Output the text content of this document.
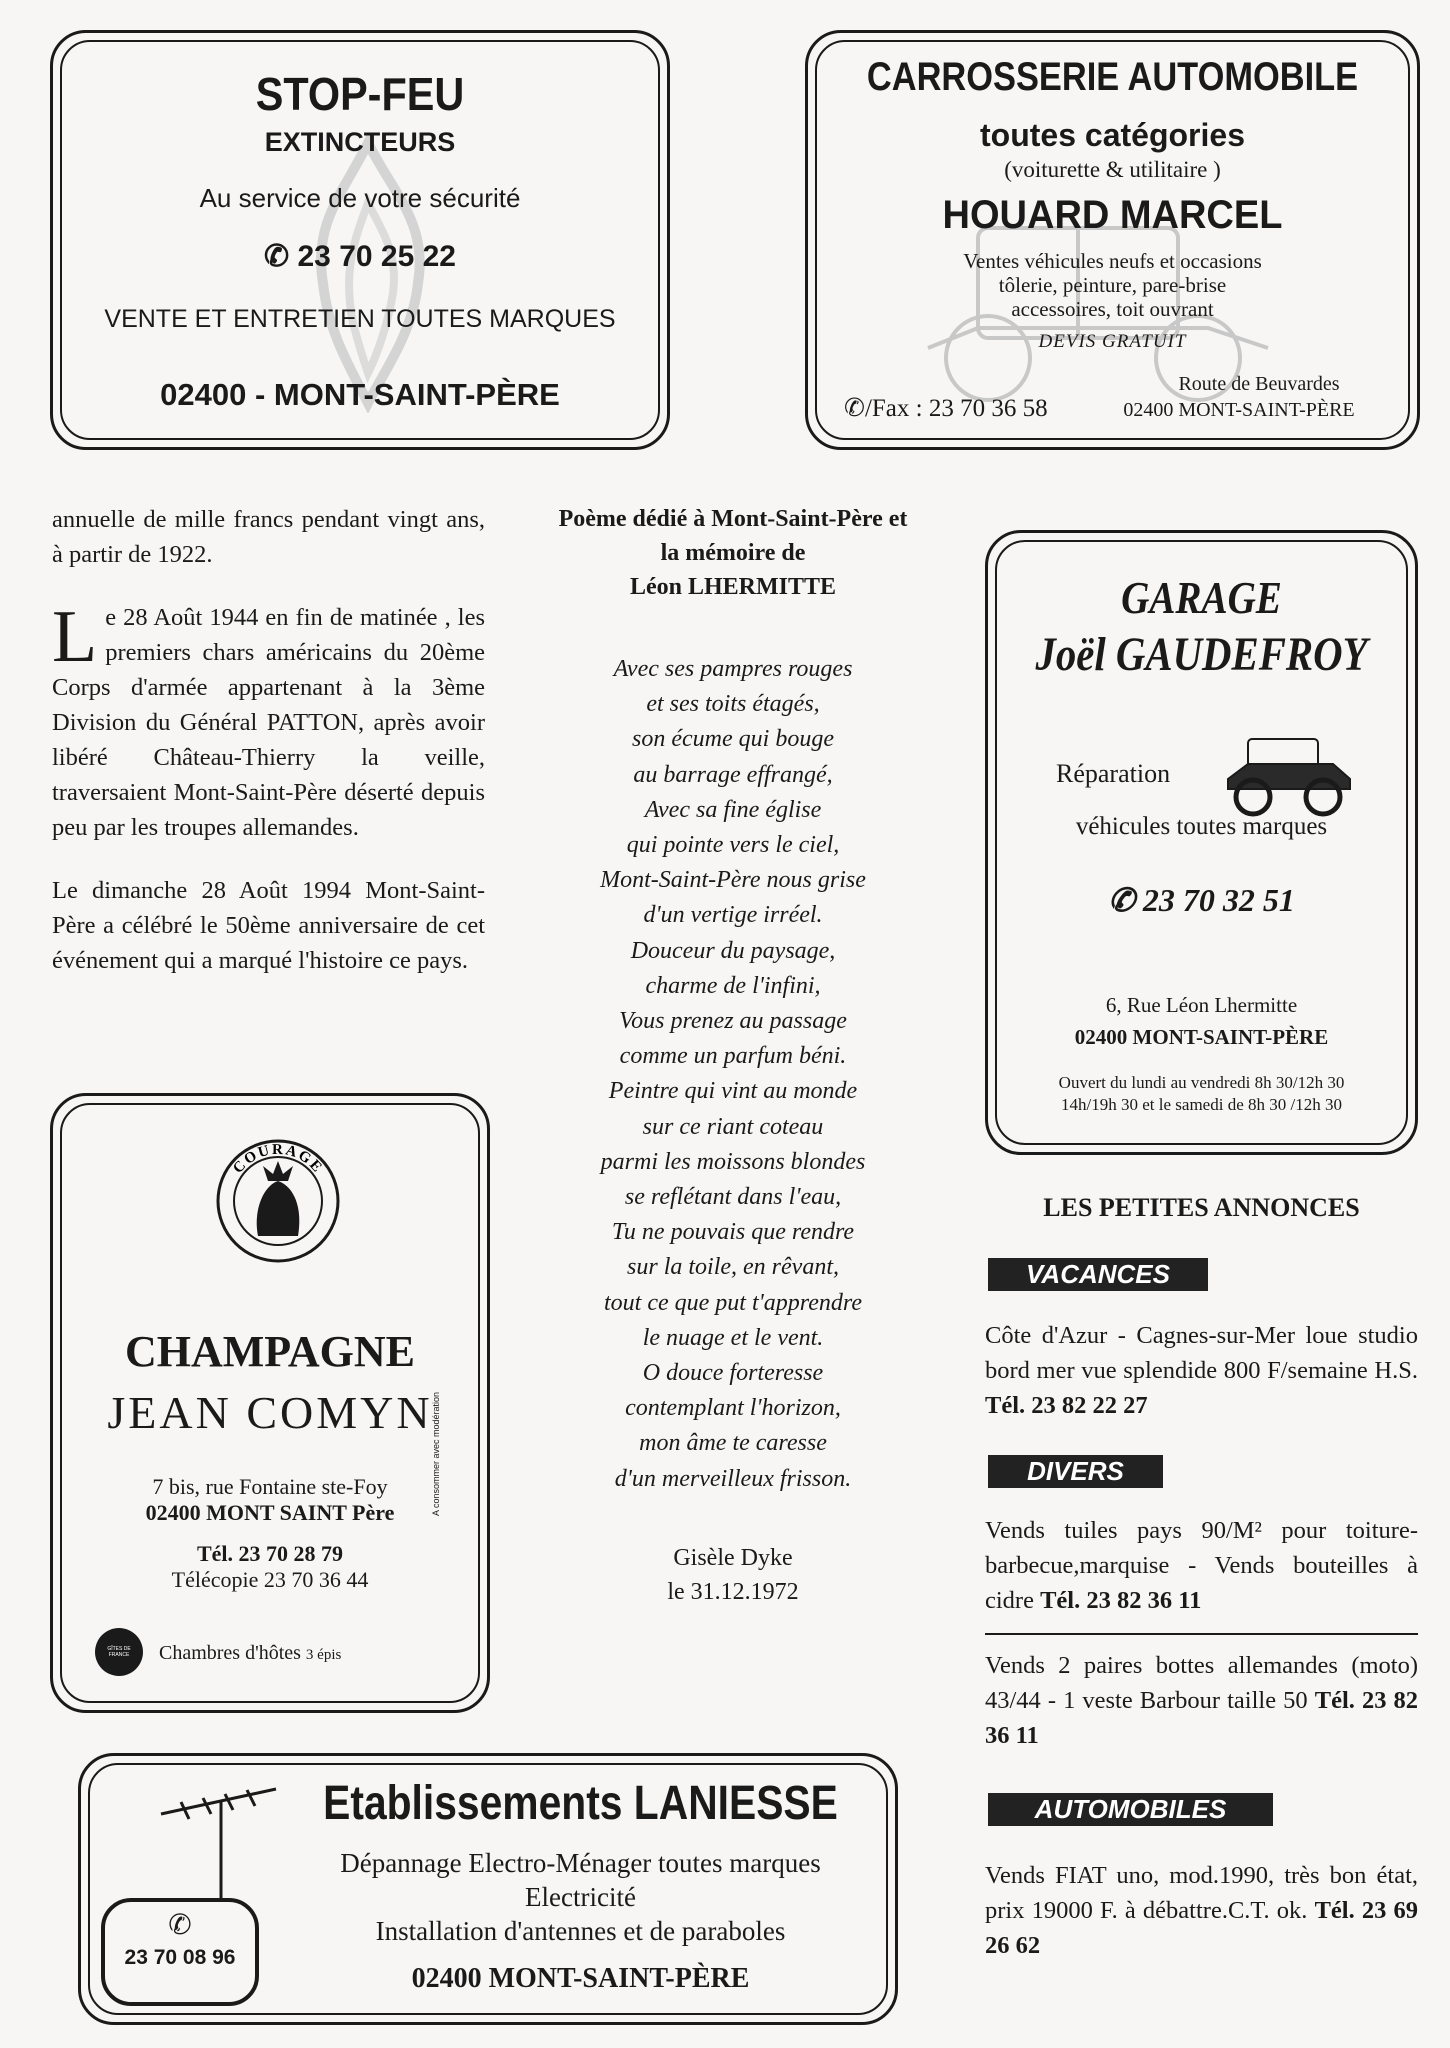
STOP-FEU
EXTINCTEURS
Au service de votre sécurité
✆ 23 70 25 22
VENTE ET ENTRETIEN TOUTES MARQUES
02400 - MONT-SAINT-PÈRE
CARROSSERIE AUTOMOBILE
toutes catégories
(voiturette & utilitaire )
HOUARD MARCEL
Ventes véhicules neufs et occasions
tôlerie, peinture, pare-brise
accessoires, toit ouvrant
DEVIS GRATUIT
✆/Fax : 23 70 36 58
Route de Beuvardes
02400 MONT-SAINT-PÈRE

annuelle de mille francs pendant vingt ans, à partir de 1922.

Le 28 Août 1944 en fin de matinée , les premiers chars américains du 20ème Corps d'armée appartenant à la 3ème Division du Général PATTON, après avoir libéré Château-Thierry la veille, traversaient Mont-Saint-Père déserté depuis peu par les troupes allemandes.

Le dimanche 28 Août 1994 Mont-Saint-Père a célébré le 50ème anniversaire de cet événement qui a marqué l'histoire ce pays.

Poème dédié à Mont-Saint-Père et
la mémoire de
Léon LHERMITTE

Avec ses pampres rouges

et ses toits étagés,

son écume qui bouge

au barrage effrangé,

Avec sa fine église

qui pointe vers le ciel,

Mont-Saint-Père nous grise

d'un vertige irréel.

Douceur du paysage,

charme de l'infini,

Vous prenez au passage

comme un parfum béni.

Peintre qui vint au monde

sur ce riant coteau

parmi les moissons blondes

se reflétant dans l'eau,

Tu ne pouvais que rendre

sur la toile, en rêvant,

tout ce que put t'apprendre

le nuage et le vent.

O douce forteresse

contemplant l'horizon,

mon âme te caresse

d'un merveilleux frisson.

Gisèle Dyke
le 31.12.1972
GARAGE
Joël GAUDEFROY
Réparation
véhicules toutes marques
✆ 23 70 32 51
6, Rue Léon Lhermitte
02400 MONT-SAINT-PÈRE
Ouvert du lundi au vendredi 8h 30/12h 30
14h/19h 30 et le samedi de 8h 30 /12h 30
LES PETITES ANNONCES
VACANCES
Côte d'Azur - Cagnes-sur-Mer loue studio bord mer vue splendide 800 F/semaine H.S. Tél. 23 82 22 27
DIVERS
Vends tuiles pays 90/M² pour toiture-barbecue,marquise - Vends bouteilles à cidre Tél. 23 82 36 11
Vends 2 paires bottes allemandes (moto) 43/44 - 1 veste Barbour taille 50 Tél. 23 82 36 11
AUTOMOBILES
Vends FIAT uno, mod.1990, très bon état, prix 19000 F. à débattre.C.T. ok. Tél. 23 69 26 62
COURAGE
CHAMPAGNE
JEAN COMYN
7 bis, rue Fontaine ste-Foy
02400 MONT SAINT Père
Tél. 23 70 28 79
Télécopie 23 70 36 44
GÎTES DE FRANCE	Chambres d'hôtes 3 épis
A consommer avec modération
✆
23 70 08 96
Etablissements LANIESSE
Dépannage Electro-Ménager toutes marques
Electricité
Installation d'antennes et de paraboles
02400 MONT-SAINT-PÈRE
